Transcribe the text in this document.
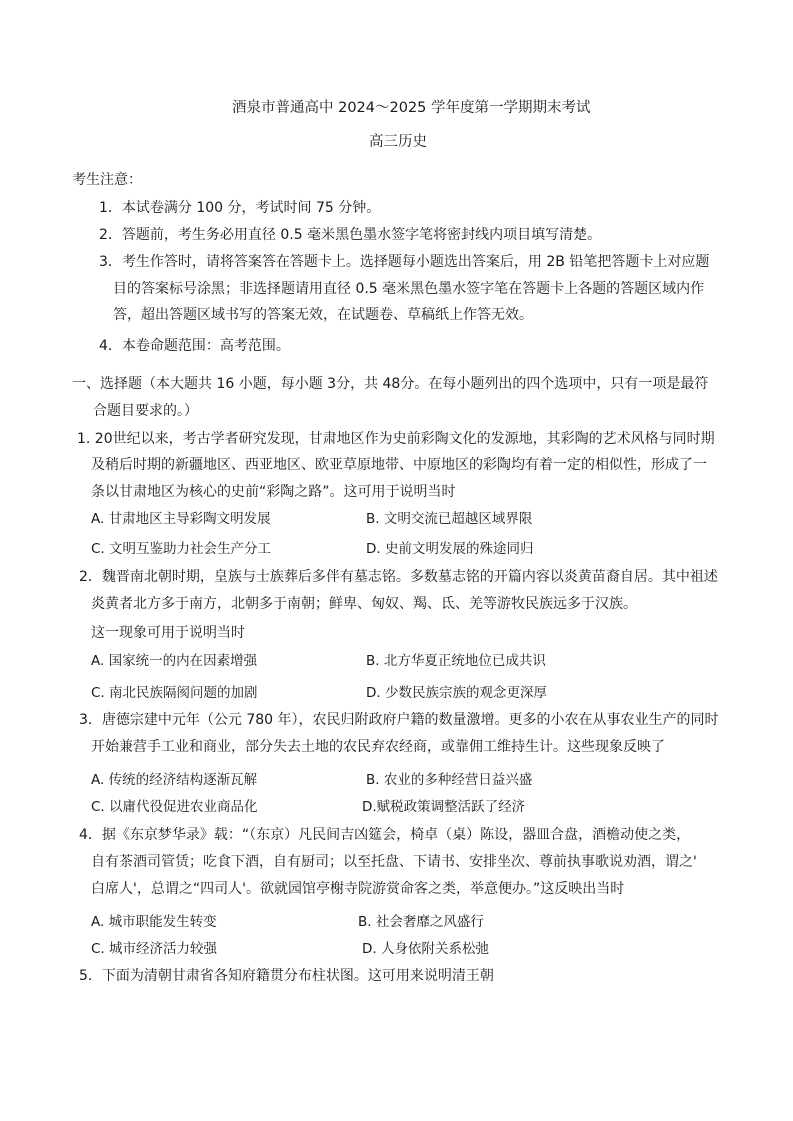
酒泉市普通高中 2024～2025 学年度第一学期期末考试
高三历史
考生注意：
1．本试卷满分 100 分，考试时间 75 分钟。
2．答题前，考生务必用直径 0.5 毫米黑色墨水签字笔将密封线内项目填写清楚。
3．考生作答时，请将答案答在答题卡上。选择题每小题选出答案后，用 2B 铅笔把答题卡上对应题
目的答案标号涂黑；非选择题请用直径 0.5 毫米黑色墨水签字笔在答题卡上各题的答题区域内作
答，超出答题区域书写的答案无效，在试题卷、草稿纸上作答无效。
4．本卷命题范围：高考范围。
一、选择题（本大题共 16 小题，每小题 3分，共 48分。在每小题列出的四个选项中，只有一项是最符
合题目要求的。）
1. 20世纪以来，考古学者研究发现，甘肃地区作为史前彩陶文化的发源地，其彩陶的艺术风格与同时期
及稍后时期的新疆地区、西亚地区、欧亚草原地带、中原地区的彩陶均有着一定的相似性，形成了一
条以甘肃地区为核心的史前“彩陶之路”。这可用于说明当时
A. 甘肃地区主导彩陶文明发展	B. 文明交流已超越区域界限
C. 文明互鉴助力社会生产分工	D. 史前文明发展的殊途同归
2．魏晋南北朝时期，皇族与士族葬后多伴有墓志铭。多数墓志铭的开篇内容以炎黄苗裔自居。其中祖述
炎黄者北方多于南方，北朝多于南朝；鲜卑、匈奴、羯、氐、羌等游牧民族远多于汉族。
这一现象可用于说明当时
A. 国家统一的内在因素增强	B. 北方华夏正统地位已成共识
C. 南北民族隔阂问题的加剧	D. 少数民族宗族的观念更深厚
3．唐德宗建中元年（公元 780 年），农民归附政府户籍的数量激增。更多的小农在从事农业生产的同时
开始兼营手工业和商业，部分失去土地的农民弃农经商，或靠佣工维持生计。这些现象反映了
A. 传统的经济结构逐渐瓦解	B. 农业的多种经营日益兴盛
C. 以庸代役促进农业商品化	D.赋税政策调整活跃了经济
4．据《东京梦华录》载：“（东京）凡民间吉凶筵会，椅卓（桌）陈设，器皿合盘，酒檐动使之类，
自有茶酒司管赁；吃食下酒，自有厨司；以至托盘、下请书、安排坐次、尊前执事歌说劝酒，谓之'
白席人'，总谓之“四司人'。欲就园馆亭榭寺院游赏命客之类，举意便办。”这反映出当时
A. 城市职能发生转变	B. 社会奢靡之风盛行
C. 城市经济活力较强	D. 人身依附关系松弛
5．下面为清朝甘肃省各知府籍贯分布柱状图。这可用来说明清王朝
